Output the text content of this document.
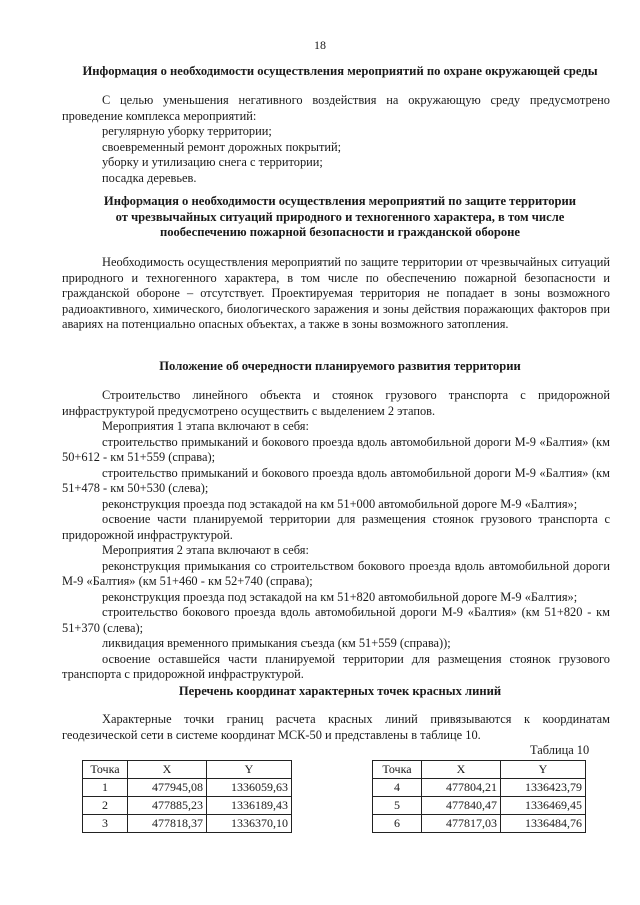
18
Информация о необходимости осуществления мероприятий по охране окружающей среды

С целью уменьшения негативного воздействия на окружающую среду предусмотрено проведение комплекса мероприятий:

регулярную уборку территории;
своевременный ремонт дорожных покрытий;
уборку и утилизацию снега с территории;
посадка деревьев.
Информация о необходимости осуществления мероприятий по защите территории
от чрезвычайных ситуаций природного и техногенного характера, в том числе
пообеспечению пожарной безопасности и гражданской обороне

Необходимость осуществления мероприятий по защите территории от чрезвычайных ситуаций природного и техногенного характера, в том числе по обеспечению пожарной безопасности и гражданской обороне – отсутствует. Проектируемая территория не попадает в зоны возможного радиоактивного, химического, биологического заражения и зоны действия поражающих факторов при авариях на потенциально опасных объектах, а также в зоны возможного затопления.

Положение об очередности планируемого развития территории

Строительство линейного объекта и стоянок грузового транспорта с придорожной инфраструктурой предусмотрено осуществить с выделением 2 этапов.

Мероприятия 1 этапа включают в себя:

строительство примыканий и бокового проезда вдоль автомобильной дороги М-9 «Балтия» (км 50+612 - км 51+559 (справа);

строительство примыканий и бокового проезда вдоль автомобильной дороги М-9 «Балтия» (км 51+478 - км 50+530 (слева);

реконструкция проезда под эстакадой на км 51+000 автомобильной дороге М-9 «Балтия»;

освоение части планируемой территории для размещения стоянок грузового транспорта с придорожной инфраструктурой.

Мероприятия 2 этапа включают в себя:

реконструкция примыкания со строительством бокового проезда вдоль автомобильной дороги М-9 «Балтия» (км 51+460 - км 52+740 (справа);

реконструкция проезда под эстакадой на км 51+820 автомобильной дороге М-9 «Балтия»;

строительство бокового проезда вдоль автомобильной дороги М-9 «Балтия» (км 51+820 - км 51+370 (слева);

ликвидация временного примыкания съезда (км 51+559 (справа));

освоение оставшейся части планируемой территории для размещения стоянок грузового транспорта с придорожной инфраструктурой.

Перечень координат характерных точек красных линий

Характерные точки границ расчета красных линий привязываются к координатам геодезической сети в системе координат МСК-50 и представлены в таблице 10.

Таблица 10
Точка	X	Y
1	477945,08	1336059,63
2	477885,23	1336189,43
3	477818,37	1336370,10
Точка	X	Y
4	477804,21	1336423,79
5	477840,47	1336469,45
6	477817,03	1336484,76
